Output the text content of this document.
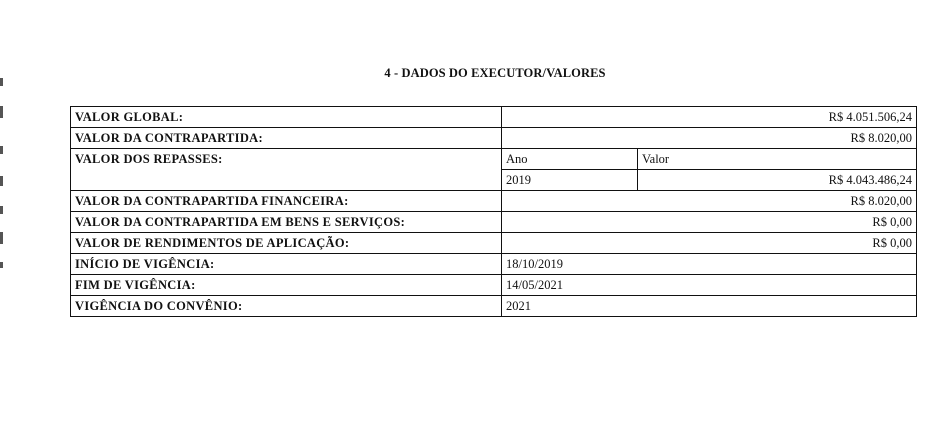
4 - DADOS DO EXECUTOR/VALORES
VALOR GLOBAL:	R$ 4.051.506,24	
VALOR DA CONTRAPARTIDA:	R$ 8.020,00	
VALOR DOS REPASSES:	Ano	Valor
	2019	R$ 4.043.486,24
VALOR DA CONTRAPARTIDA FINANCEIRA:	R$ 8.020,00	
VALOR DA CONTRAPARTIDA EM BENS E SERVIÇOS:	R$ 0,00	
VALOR DE RENDIMENTOS DE APLICAÇÃO:	R$ 0,00	
INÍCIO DE VIGÊNCIA:	18/10/2019	
FIM DE VIGÊNCIA:	14/05/2021	
VIGÊNCIA DO CONVÊNIO:	2021	
